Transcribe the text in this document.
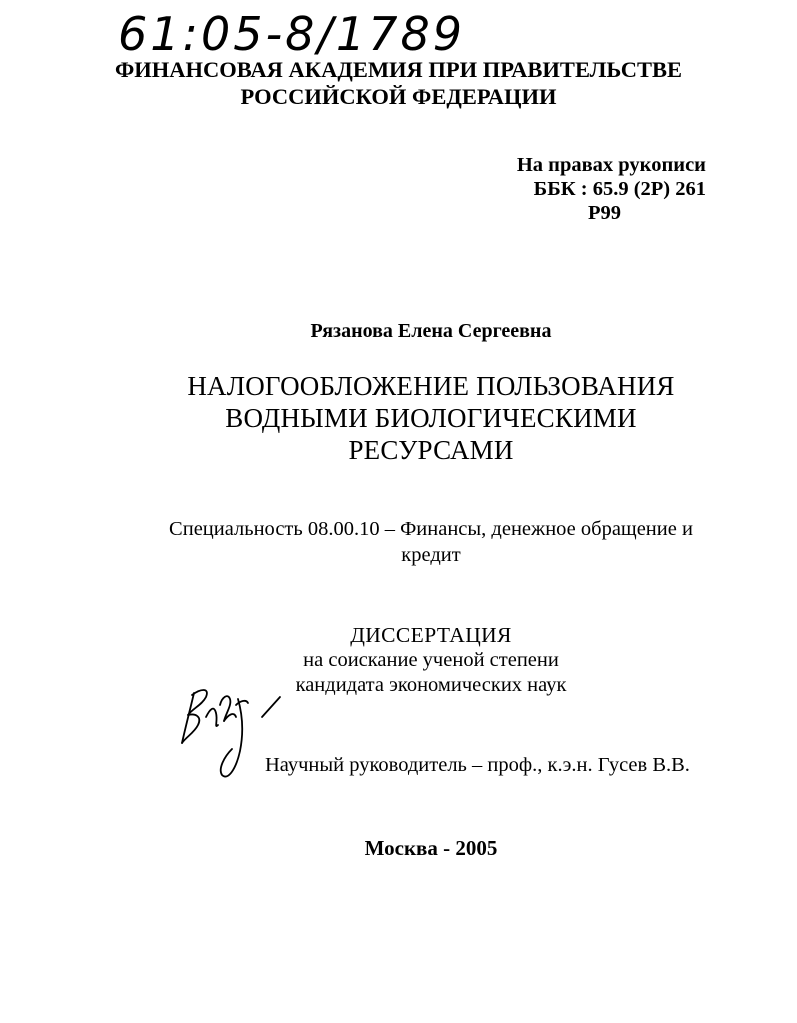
61:05-8/1789
ФИНАНСОВАЯ АКАДЕМИЯ ПРИ ПРАВИТЕЛЬСТВЕ
РОССИЙСКОЙ ФЕДЕРАЦИИ
На правах рукописи
ББК : 65.9 (2Р) 261
Р99
Рязанова Елена Сергеевна
НАЛОГООБЛОЖЕНИЕ ПОЛЬЗОВАНИЯ
ВОДНЫМИ БИОЛОГИЧЕСКИМИ
РЕСУРСАМИ
Специальность 08.00.10 – Финансы, денежное обращение и
кредит
ДИССЕРТАЦИЯ
на соискание ученой степени
кандидата экономических наук
Научный руководитель – проф., к.э.н. Гусев В.В.
Москва - 2005
